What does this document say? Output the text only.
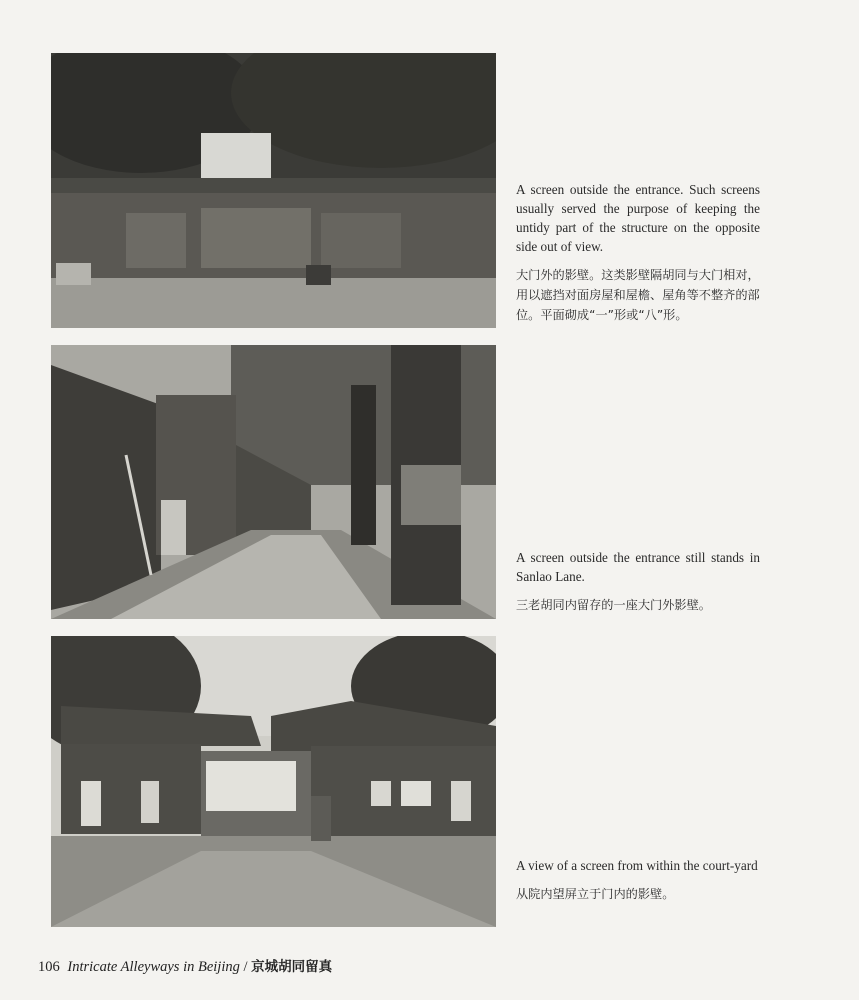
A screen outside the entrance. Such screens usually served the purpose of keeping the untidy part of the structure on the opposite side out of view.

大门外的影壁。这类影壁隔胡同与大门相对，用以遮挡对面房屋和屋檐、屋角等不整齐的部位。平面砌成“一”形或“⼋”形。

A screen outside the entrance still stands in Sanlao Lane.

三老胡同内留存的一座大门外影壁。

A view of a screen from within the court-yard

从院内望屏立于门内的影壁。

106 Intricate Alleyways in Beijing / 京城胡同留真
